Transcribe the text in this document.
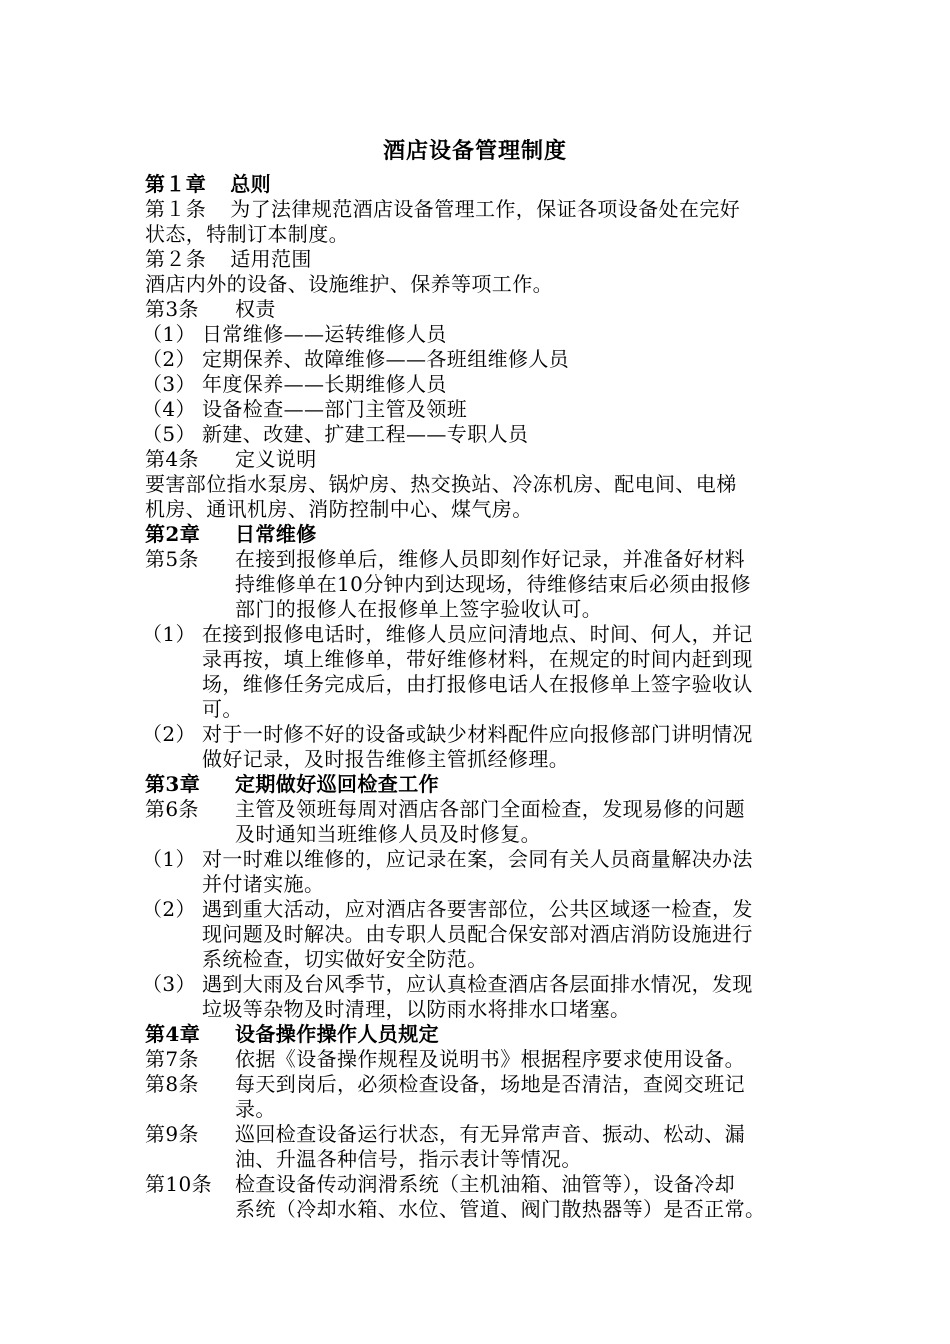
酒店设备管理制度
第１章 总则
第１条 为了法律规范酒店设备管理工作，保证各项设备处在完好
状态，特制订本制度。
第２条 适用范围
酒店内外的设备、设施维护、保养等项工作。
第3条	权责
（1） 日常维修——运转维修人员
（2） 定期保养、故障维修——各班组维修人员
（3） 年度保养——长期维修人员
（4） 设备检查——部门主管及领班
（5） 新建、改建、扩建工程——专职人员
第4条	定义说明
要害部位指水泵房、锅炉房、热交换站、冷冻机房、配电间、电梯
机房、通讯机房、消防控制中心、煤气房。
第2章	日常维修
第5条	在接到报修单后，维修人员即刻作好记录，并准备好材料
持维修单在10分钟内到达现场，待维修结束后必须由报修
部门的报修人在报修单上签字验收认可。
（1） 在接到报修电话时，维修人员应问清地点、时间、何人，并记
录再按，填上维修单，带好维修材料，在规定的时间内赶到现
场，维修任务完成后，由打报修电话人在报修单上签字验收认
可。
（2） 对于一时修不好的设备或缺少材料配件应向报修部门讲明情况
做好记录，及时报告维修主管抓经修理。
第3章	定期做好巡回检查工作
第6条	主管及领班每周对酒店各部门全面检查，发现易修的问题
及时通知当班维修人员及时修复。
（1） 对一时难以维修的，应记录在案，会同有关人员商量解决办法
并付诸实施。
（2） 遇到重大活动，应对酒店各要害部位，公共区域逐一检查，发
现问题及时解决。由专职人员配合保安部对酒店消防设施进行
系统检查，切实做好安全防范。
（3） 遇到大雨及台风季节，应认真检查酒店各层面排水情况，发现
垃圾等杂物及时清理，以防雨水将排水口堵塞。
第4章	设备操作操作人员规定
第7条	依据《设备操作规程及说明书》根据程序要求使用设备。
第8条	每天到岗后，必须检查设备，场地是否清洁，查阅交班记
录。
第9条	巡回检查设备运行状态，有无异常声音、振动、松动、漏
油、升温各种信号，指示表计等情况。
第10条	检查设备传动润滑系统（主机油箱、油管等），设备冷却
系统（冷却水箱、水位、管道、阀门散热器等）是否正常。
